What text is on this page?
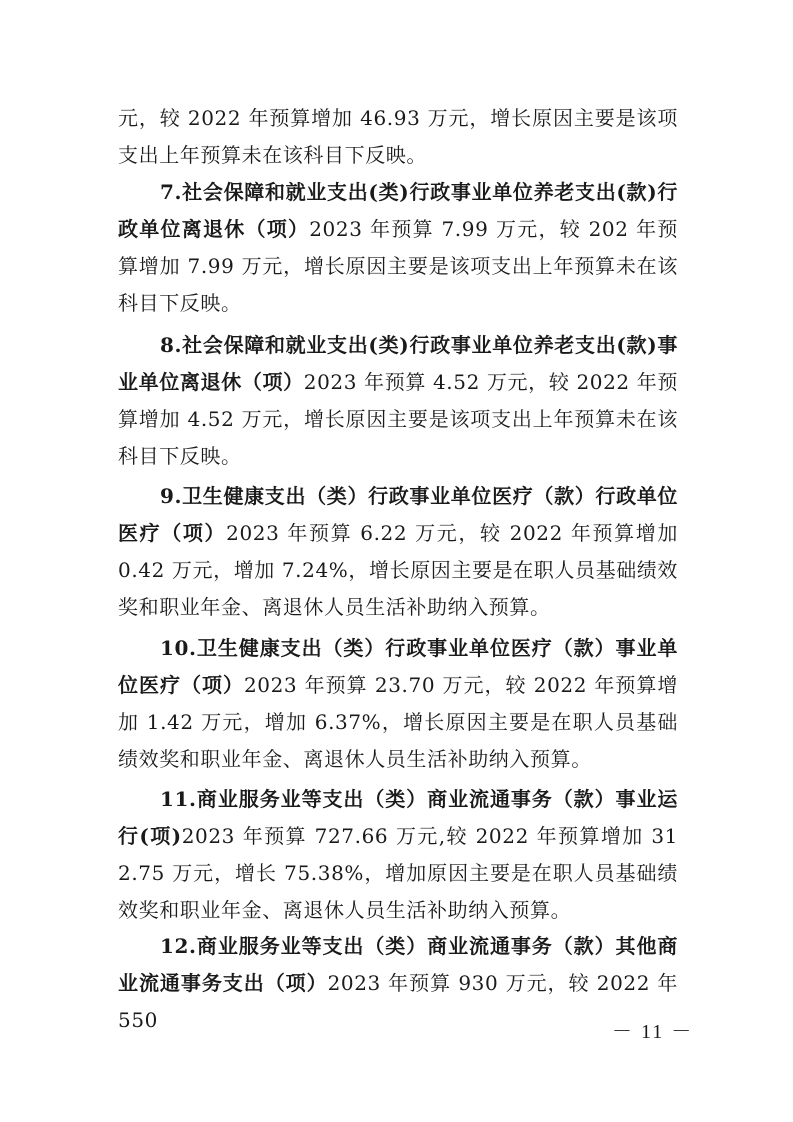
元，较 2022 年预算增加 46.93 万元，增长原因主要是该项支出上年预算未在该科目下反映。

7.社会保障和就业支出(类)行政事业单位养老支出(款)行政单位离退休（项）2023 年预算 7.99 万元，较 202 年预算增加 7.99 万元，增长原因主要是该项支出上年预算未在该科目下反映。

8.社会保障和就业支出(类)行政事业单位养老支出(款)事业单位离退休（项）2023 年预算 4.52 万元，较 2022 年预算增加 4.52 万元，增长原因主要是该项支出上年预算未在该科目下反映。

9.卫生健康支出（类）行政事业单位医疗（款）行政单位医疗（项）2023 年预算 6.22 万元，较 2022 年预算增加 0.42 万元，增加 7.24%，增长原因主要是在职人员基础绩效奖和职业年金、离退休人员生活补助纳入预算。

10.卫生健康支出（类）行政事业单位医疗（款）事业单位医疗（项）2023 年预算 23.70 万元，较 2022 年预算增加 1.42 万元，增加 6.37%，增长原因主要是在职人员基础绩效奖和职业年金、离退休人员生活补助纳入预算。

11.商业服务业等支出（类）商业流通事务（款）事业运行(项)2023 年预算 727.66 万元,较 2022 年预算增加 312.75 万元，增长 75.38%，增加原因主要是在职人员基础绩效奖和职业年金、离退休人员生活补助纳入预算。

12.商业服务业等支出（类）商业流通事务（款）其他商业流通事务支出（项）2023 年预算 930 万元，较 2022 年 550	－ 11 －
